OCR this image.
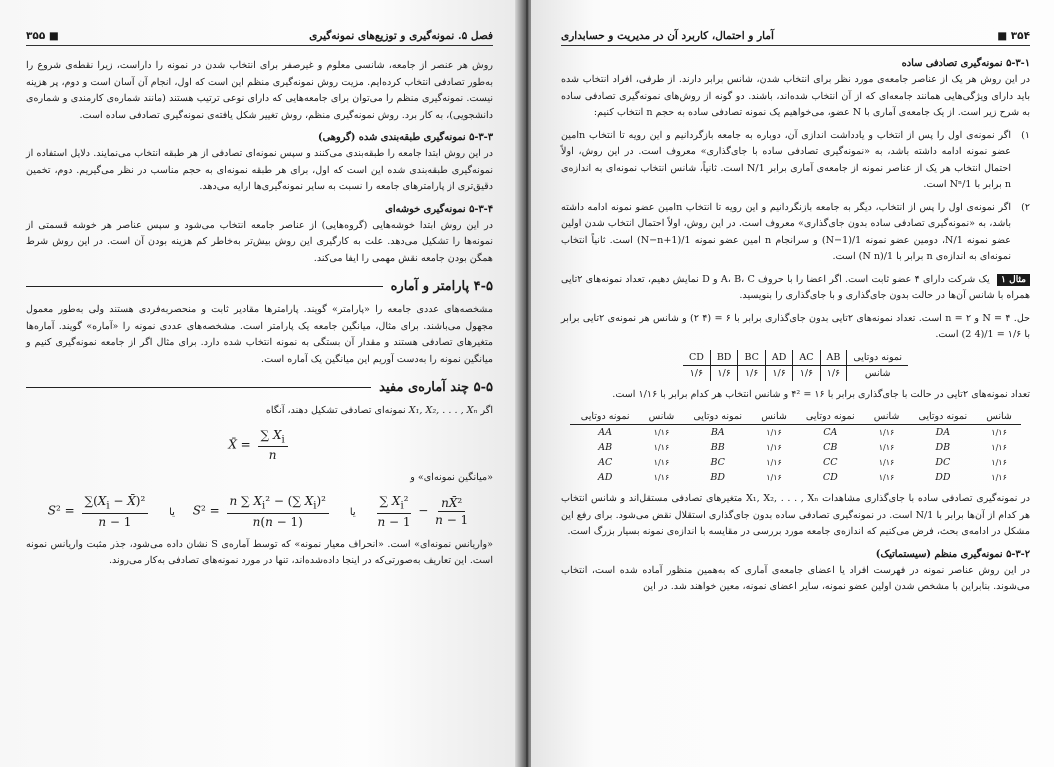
فصل ۵. نمونه‌گیری و توزیع‌های نمونه‌گیری
■ ۳۵۵

روش هر عنصر از جامعه، شانسی معلوم و غیرصفر برای انتخاب شدن در نمونه را داراست، زیرا نقطه‌ی شروع را به‌طور تصادفی انتخاب کرده‌ایم. مزیت روش نمونه‌گیری منظم این است که اول، انجام آن آسان است و دوم، پر هزینه نیست. نمونه‌گیری منظم را می‌توان برای جامعه‌هایی که دارای نوعی ترتیب هستند (مانند شماره‌ی کارمندی و شماره‌ی دانشجویی)، به کار برد. روش نمونه‌گیری منظم، روش تغییر شکل یافته‌ی نمونه‌گیری تصادفی ساده است.

۵-۳-۳ نمونه‌گیری طبقه‌بندی شده (گروهی)

در این روش ابتدا جامعه را طبقه‌بندی می‌کنند و سپس نمونه‌ای تصادفی از هر طبقه انتخاب می‌نمایند. دلایل استفاده از نمونه‌گیری طبقه‌بندی شده این است که اول، برای هر طبقه نمونه‌ای به حجم مناسب در نظر می‌گیریم. دوم، تخمین دقیق‌تری از پارامترهای جامعه را نسبت به سایر نمونه‌گیری‌ها ارایه می‌دهد.

۵-۳-۴ نمونه‌گیری خوشه‌ای

در این روش ابتدا خوشه‌هایی (گروه‌هایی) از عناصر جامعه انتخاب می‌شود و سپس عناصر هر خوشه قسمتی از نمونه‌ها را تشکیل می‌دهد. علت به کارگیری این روش بیش‌تر به‌خاطر کم هزینه بودن آن است. در این روش شرط همگن بودن جامعه نقش مهمی را ایفا می‌کند.

۴-۵ پارامتر و آماره

مشخصه‌های عددی جامعه را «پارامتر» گویند. پارامترها مقادیر ثابت و منحصربه‌فردی هستند ولی به‌طور معمول مجهول می‌باشند. برای مثال، میانگین جامعه یک پارامتر است. مشخصه‌های عددی نمونه را «آماره» گویند. آماره‌ها متغیرهای تصادفی هستند و مقدار آن بستگی به نمونه انتخاب شده دارد. برای مثال اگر از جامعه نمونه‌گیری کنیم و میانگین نمونه را به‌دست آوریم این میانگین یک آماره است.

۵-۵ چند آماره‌ی مفید

اگر X₁, X₂, . . . , Xₙ نمونه‌ای تصادفی تشکیل دهند، آنگاه

X̄ = $\frac{\sum X_i}{n}$

«میانگین نمونه‌ای» و

$S^2 = \frac{\sum(X_i - X̄)^2}{n - 1}$ یا $S^2 = \frac{n \sum X_i^2 - (\sum X_i)^2}{n(n - 1)}$ یا $\frac{\sum X_i^2}{n - 1} - \frac{\text{nX̄²}}{n - 1}$

«واریانس نمونه‌ای» است. «انحراف معیار نمونه» که توسط آماره‌ی S نشان داده می‌شود، جذر مثبت واریانس نمونه است. این تعاریف به‌صورتی‌که در اینجا داده‌شده‌اند، تنها در مورد نمونه‌های تصادفی به‌کار می‌روند.

۳۵۴ ■
آمار و احتمال، کاربرد آن در مدیریت و حسابداری
۵-۳-۱ نمونه‌گیری تصادفی ساده

در این روش هر یک از عناصر جامعه‌ی مورد نظر برای انتخاب شدن، شانس برابر دارند. از طرفی، افراد انتخاب شده باید دارای ویژگی‌هایی همانند جامعه‌ای که از آن انتخاب شده‌اند، باشند. دو گونه از روش‌های نمونه‌گیری تصادفی ساده به شرح زیر است. از یک جامعه‌ی آماری با N عضو، می‌خواهیم یک نمونه تصادفی ساده به حجم n انتخاب کنیم:

۱)

اگر نمونه‌ی اول را پس از انتخاب و یادداشت اندازی آن، دوباره به جامعه بازگردانیم و این رویه تا انتخاب nامین عضو نمونه ادامه داشته باشد، به «نمونه‌گیری تصادفی ساده با جای‌گذاری» معروف است. در این روش، اولاً احتمال انتخاب هر یک از عناصر نمونه از جامعه‌ی آماری برابر 1/N است. ثانیاً، شانس انتخاب نمونه‌ای به اندازه‌ی n برابر با 1/Nⁿ است.

۲)

اگر نمونه‌ی اول را پس از انتخاب، دیگر به جامعه بازنگردانیم و این رویه تا انتخاب nامین عضو نمونه ادامه داشته باشد، به «نمونه‌گیری تصادفی ساده بدون جای‌گذاری» معروف است. در این روش، اولاً احتمال انتخاب شدن اولین عضو نمونه 1/N، دومین عضو نمونه 1/(N−1) و سرانجام n امین عضو نمونه 1/(N−n+1) است. ثانیاً انتخاب نمونه‌ای به اندازه‌ی n برابر با 1/(N n) است.

مثال ۱ یک شرکت دارای ۴ عضو ثابت است. اگر اعضا را با حروف A، B، C و D نمایش دهیم، تعداد نمونه‌های ۲تایی همراه با شانس آن‌ها در حالت بدون جای‌گذاری و با جای‌گذاری را بنویسید.

حل. N = ۴ و n = ۲ است. تعداد نمونه‌های ۲تایی بدون جای‌گذاری برابر با ۶ = (۴ ۲) و شانس هر نمونه‌ی ۲تایی برابر با ۱/۶ = 1/(4 2) است.

نمونه دوتایی	AB	AC	AD	BC	BD	CD
شانس	۱/۶	۱/۶	۱/۶	۱/۶	۱/۶	۱/۶

تعداد نمونه‌های ۲تایی در حالت با جای‌گذاری برابر با ۱۶ = ۴² و شانس انتخاب هر کدام برابر با ۱/۱۶ است.

شانس	نمونه دوتایی	شانس	نمونه دوتایی	شانس	نمونه دوتایی	شانس	نمونه دوتایی
۱/۱۶	DA	۱/۱۶	CA	۱/۱۶	BA	۱/۱۶	AA
۱/۱۶	DB	۱/۱۶	CB	۱/۱۶	BB	۱/۱۶	AB
۱/۱۶	DC	۱/۱۶	CC	۱/۱۶	BC	۱/۱۶	AC
۱/۱۶	DD	۱/۱۶	CD	۱/۱۶	BD	۱/۱۶	AD

در نمونه‌گیری تصادفی ساده با جای‌گذاری مشاهدات X₁, X₂, . . . , Xₙ متغیرهای تصادفی مستقل‌اند و شانس انتخاب هر کدام از آن‌ها برابر با 1/N است. در نمونه‌گیری تصادفی ساده بدون جای‌گذاری استقلال نقض می‌شود. برای رفع این مشکل در ادامه‌ی بحث، فرض می‌کنیم که اندازه‌ی جامعه مورد بررسی در مقایسه با اندازه‌ی نمونه بسیار بزرگ است.

۵-۳-۲ نمونه‌گیری منظم (سیستماتیک)

در این روش عناصر نمونه در فهرست افراد یا اعضای جامعه‌ی آماری که به‌همین منظور آماده شده است، انتخاب می‌شوند. بنابراین با مشخص شدن اولین عضو نمونه، سایر اعضای نمونه، معین خواهند شد. در این
